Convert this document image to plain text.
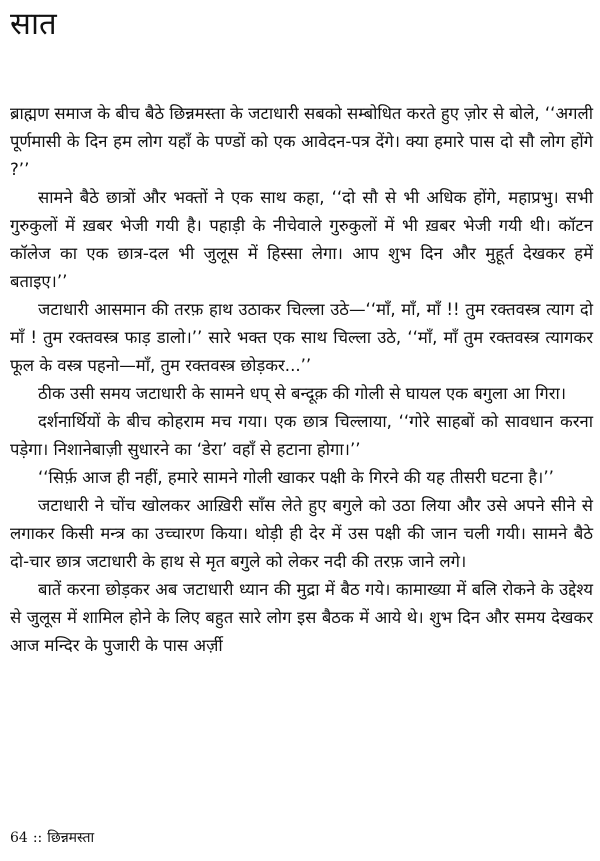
सात

ब्राह्मण समाज के बीच बैठे छिन्नमस्ता के जटाधारी सबको सम्बोधित करते हुए ज़ोर से बोले, ‘‘अगली पूर्णमासी के दिन हम लोग यहाँ के पण्डों को एक आवेदन-पत्र देंगे। क्या हमारे पास दो सौ लोग होंगे ?’’

सामने बैठे छात्रों और भक्तों ने एक साथ कहा, ‘‘दो सौ से भी अधिक होंगे, महाप्रभु। सभी गुरुकुलों में ख़बर भेजी गयी है। पहाड़ी के नीचेवाले गुरुकुलों में भी ख़बर भेजी गयी थी। कॉटन कॉलेज का एक छात्र-दल भी जुलूस में हिस्सा लेगा। आप शुभ दिन और मुहूर्त देखकर हमें बताइए।’’

जटाधारी आसमान की तरफ़ हाथ उठाकर चिल्ला उठे—‘‘माँ, माँ, माँ !! तुम रक्तवस्त्र त्याग दो माँ ! तुम रक्तवस्त्र फाड़ डालो।’’ सारे भक्त एक साथ चिल्ला उठे, ‘‘माँ, माँ तुम रक्तवस्त्र त्यागकर फूल के वस्त्र पहनो—माँ, तुम रक्तवस्त्र छोड़कर...’’

ठीक उसी समय जटाधारी के सामने धप् से बन्दूक़ की गोली से घायल एक बगुला आ गिरा।

दर्शनार्थियों के बीच कोहराम मच गया। एक छात्र चिल्लाया, ‘‘गोरे साहबों को सावधान करना पड़ेगा। निशानेबाज़ी सुधारने का ‘डेरा’ वहाँ से हटाना होगा।’’

‘‘सिर्फ़ आज ही नहीं, हमारे सामने गोली खाकर पक्षी के गिरने की यह तीसरी घटना है।’’

जटाधारी ने चोंच खोलकर आख़िरी साँस लेते हुए बगुले को उठा लिया और उसे अपने सीने से लगाकर किसी मन्त्र का उच्चारण किया। थोड़ी ही देर में उस पक्षी की जान चली गयी। सामने बैठे दो-चार छात्र जटाधारी के हाथ से मृत बगुले को लेकर नदी की तरफ़ जाने लगे।

बातें करना छोड़कर अब जटाधारी ध्यान की मुद्रा में बैठ गये। कामाख्या में बलि रोकने के उद्देश्य से जुलूस में शामिल होने के लिए बहुत सारे लोग इस बैठक में आये थे। शुभ दिन और समय देखकर आज मन्दिर के पुजारी के पास अर्ज़ी

64 :: छिन्नमस्ता
